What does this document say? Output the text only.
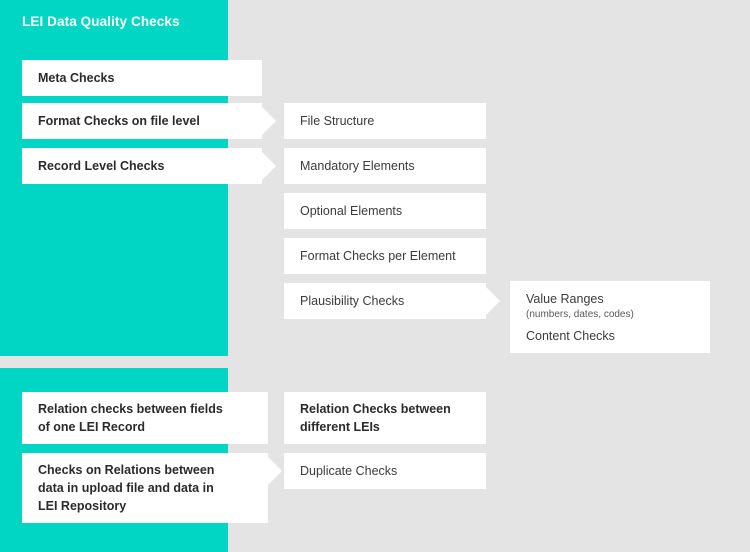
LEI Data Quality Checks
Meta Checks
Format Checks on file level
Record Level Checks
File Structure
Mandatory Elements
Optional Elements
Format Checks per Element
Plausibility Checks	Value Ranges
(numbers, dates, codes)
Content Checks
Relation checks between fields
of one LEI Record
Checks on Relations between
data in upload file and data in
LEI Repository
Relation Checks between
different LEIs
Duplicate Checks
